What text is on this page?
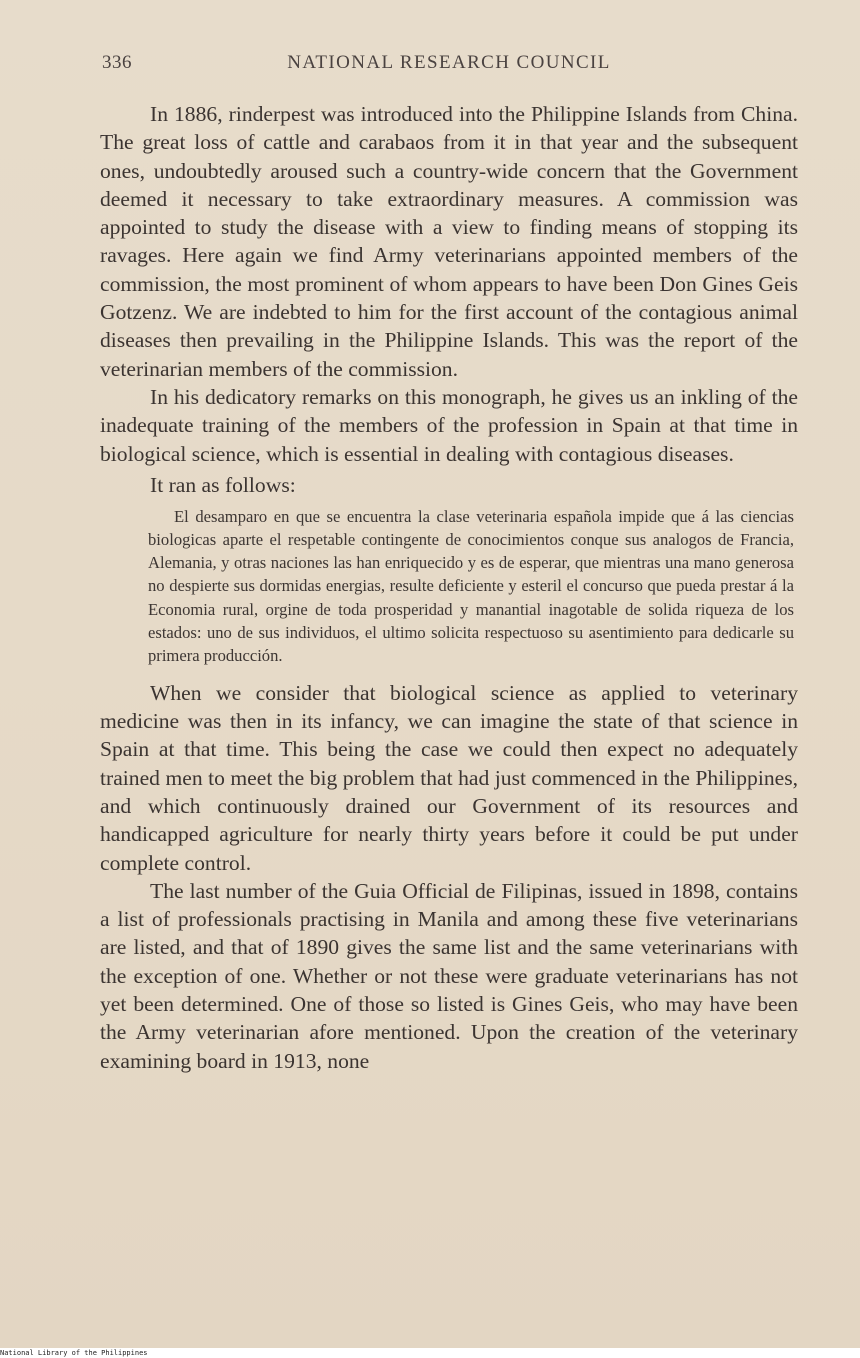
336	NATIONAL RESEARCH COUNCIL

In 1886, rinderpest was introduced into the Philippine Islands from China. The great loss of cattle and carabaos from it in that year and the subsequent ones, undoubtedly aroused such a country-wide concern that the Government deemed it necessary to take extraordinary measures. A commission was appointed to study the disease with a view to finding means of stopping its ravages. Here again we find Army veterinarians appointed members of the commission, the most prominent of whom appears to have been Don Gines Geis Gotzenz. We are indebted to him for the first account of the contagious animal diseases then prevailing in the Philippine Islands. This was the report of the veterinarian members of the commission.

In his dedicatory remarks on this monograph, he gives us an inkling of the inadequate training of the members of the profession in Spain at that time in biological science, which is essential in dealing with contagious diseases.

It ran as follows:

El desamparo en que se encuentra la clase veterinaria española impide que á las ciencias biologicas aparte el respetable contingente de conocimientos conque sus analogos de Francia, Alemania, y otras naciones las han enriquecido y es de esperar, que mientras una mano generosa no despierte sus dormidas energias, resulte deficiente y esteril el concurso que pueda prestar á la Economia rural, orgine de toda prosperidad y manantial inagotable de solida riqueza de los estados: uno de sus individuos, el ultimo solicita respectuoso su asentimiento para dedicarle su primera producción.

When we consider that biological science as applied to veterinary medicine was then in its infancy, we can imagine the state of that science in Spain at that time. This being the case we could then expect no adequately trained men to meet the big problem that had just commenced in the Philippines, and which continuously drained our Government of its resources and handicapped agriculture for nearly thirty years before it could be put under complete control.

The last number of the Guia Official de Filipinas, issued in 1898, contains a list of professionals practising in Manila and among these five veterinarians are listed, and that of 1890 gives the same list and the same veterinarians with the exception of one. Whether or not these were graduate veterinarians has not yet been determined. One of those so listed is Gines Geis, who may have been the Army veterinarian afore mentioned. Upon the creation of the veterinary examining board in 1913, none

National Library of the Philippines
